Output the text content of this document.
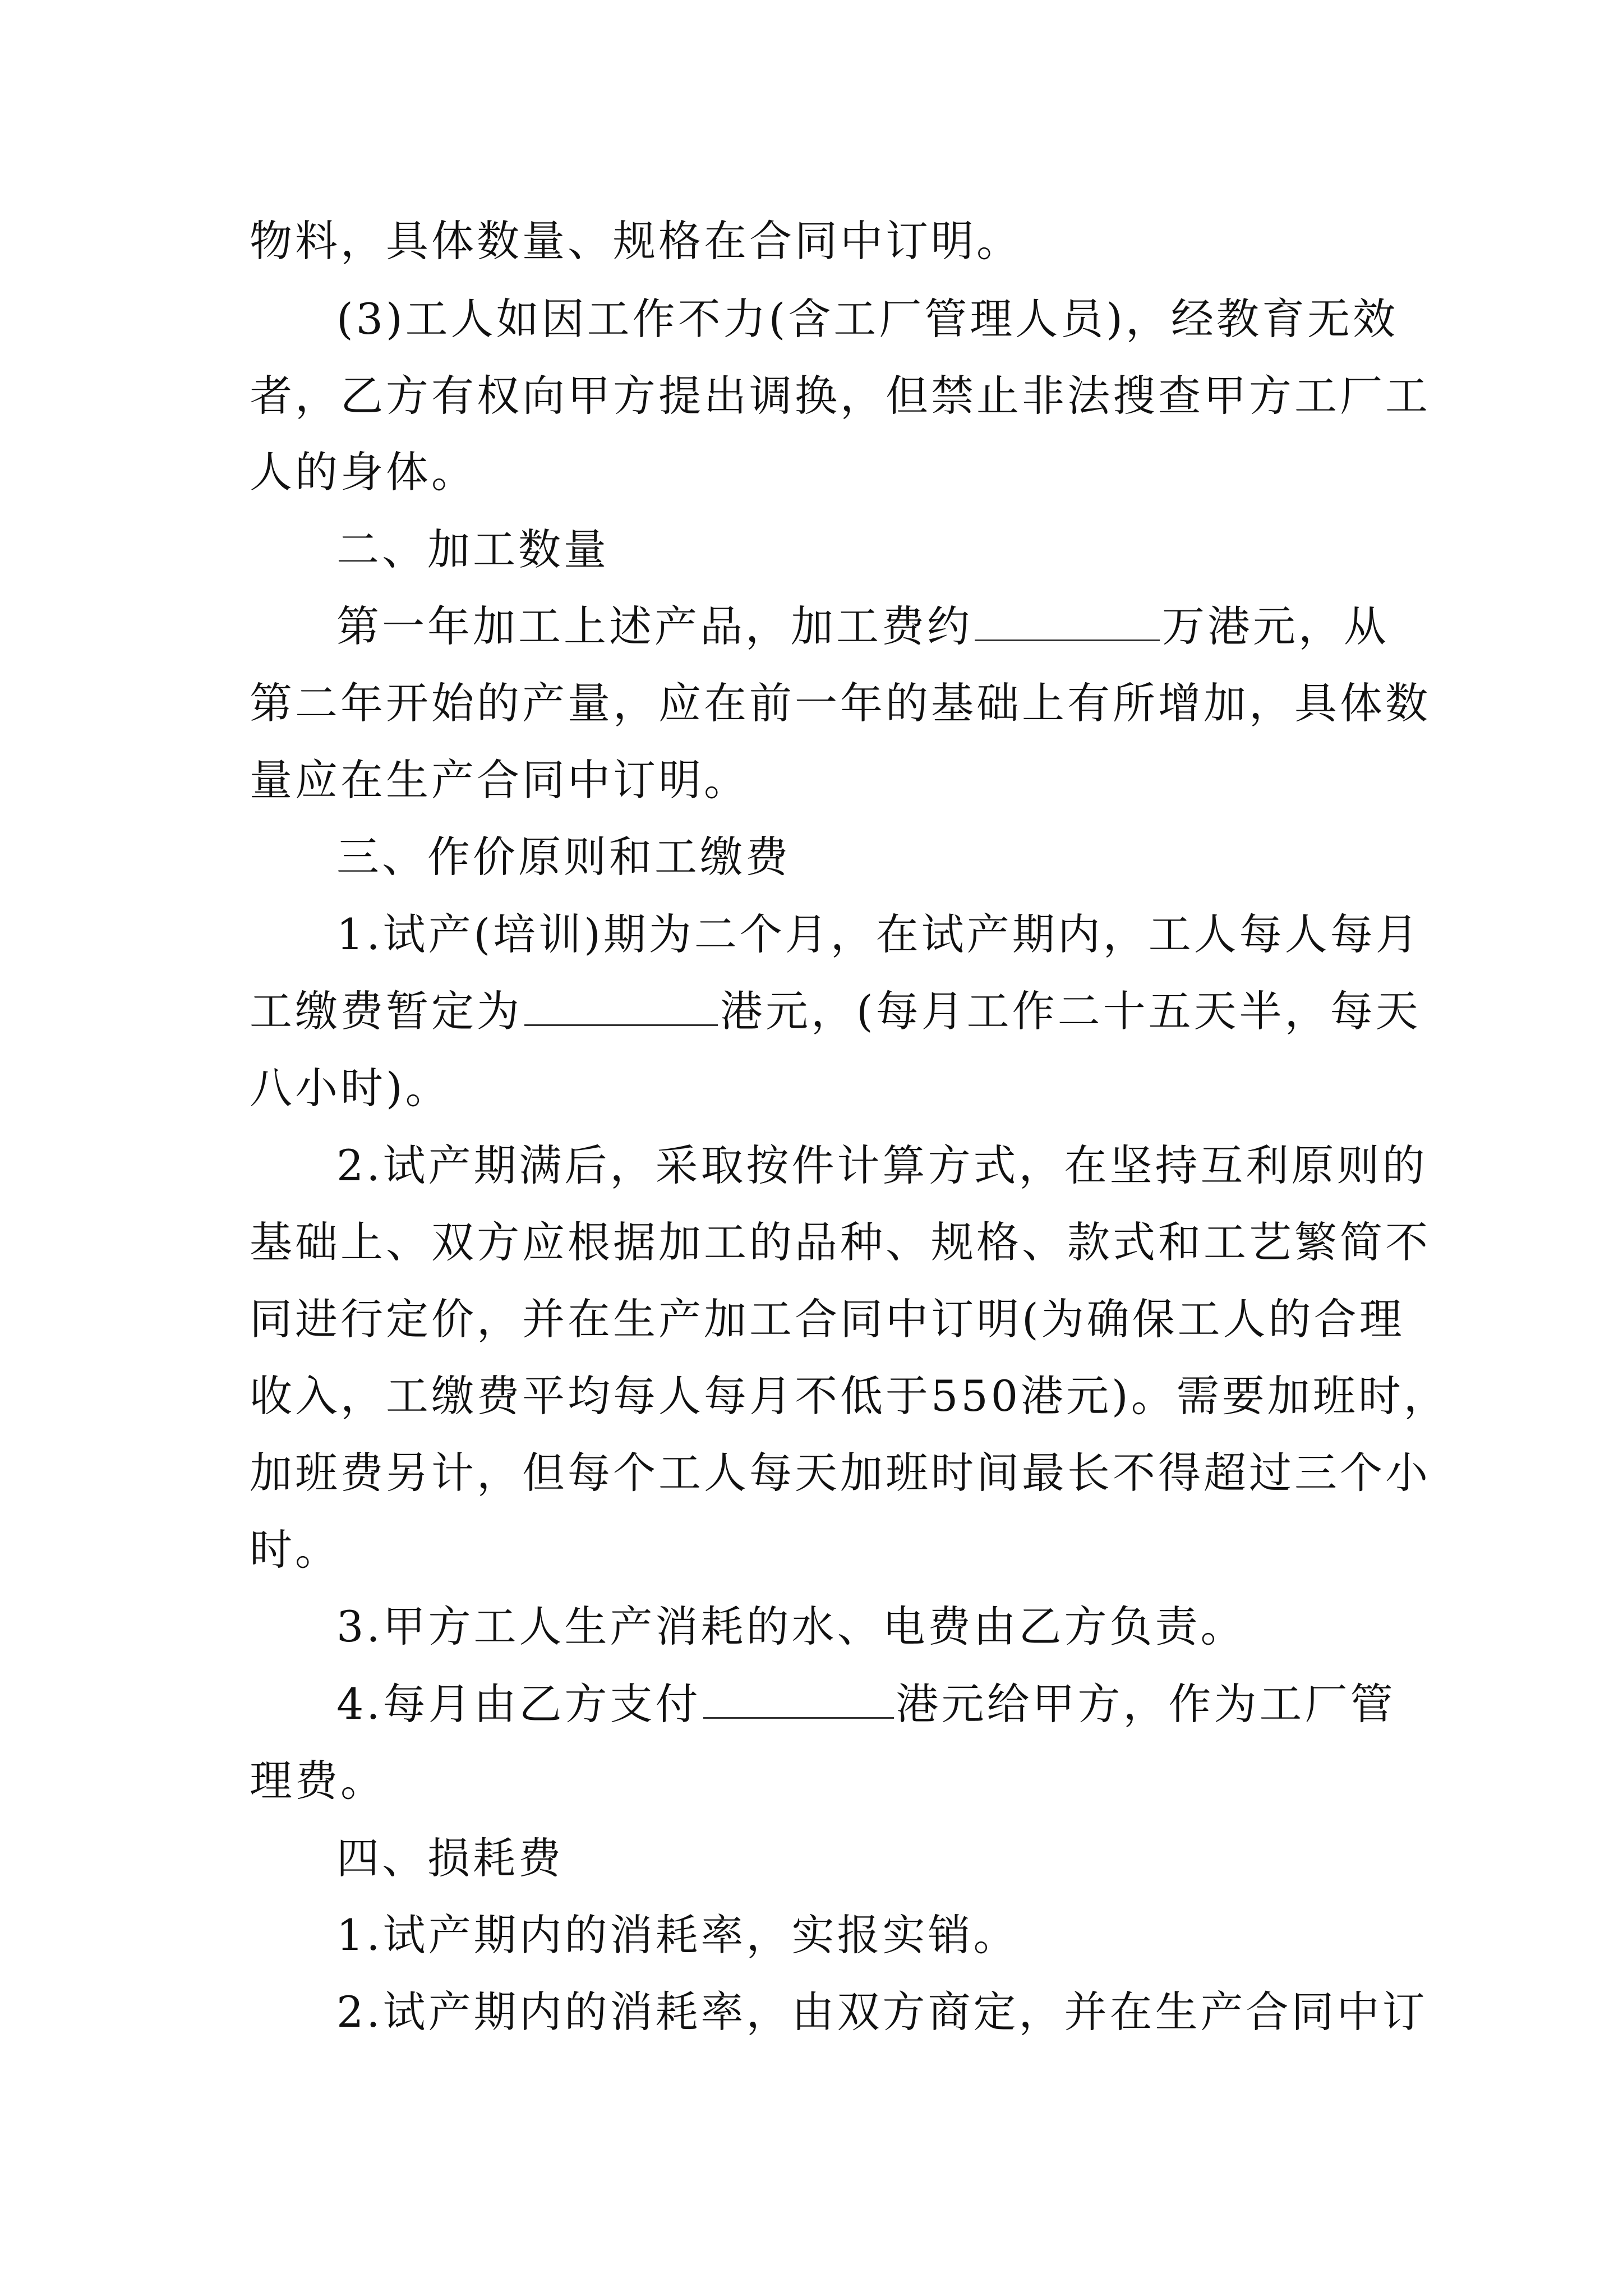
物料，具体数量、规格在合同中订明。
(3)工人如因工作不力(含工厂管理人员)，经教育无效
者，乙方有权向甲方提出调换，但禁止非法搜查甲方工厂工
人的身体。
二、加工数量
第一年加工上述产品，加工费约	万港元，从
第二年开始的产量，应在前一年的基础上有所增加，具体数
量应在生产合同中订明。
三、作价原则和工缴费
1.试产(培训)期为二个月，在试产期内，工人每人每月
工缴费暂定为	港元，(每月工作二十五天半，每天
八小时)。
2.试产期满后，采取按件计算方式，在坚持互利原则的
基础上、双方应根据加工的品种、规格、款式和工艺繁简不
同进行定价，并在生产加工合同中订明(为确保工人的合理
收入，工缴费平均每人每月不低于550港元)。需要加班时，
加班费另计，但每个工人每天加班时间最长不得超过三个小
时。
3.甲方工人生产消耗的水、电费由乙方负责。
4.每月由乙方支付	港元给甲方，作为工厂管
理费。
四、损耗费
1.试产期内的消耗率，实报实销。
2.试产期内的消耗率，由双方商定，并在生产合同中订
